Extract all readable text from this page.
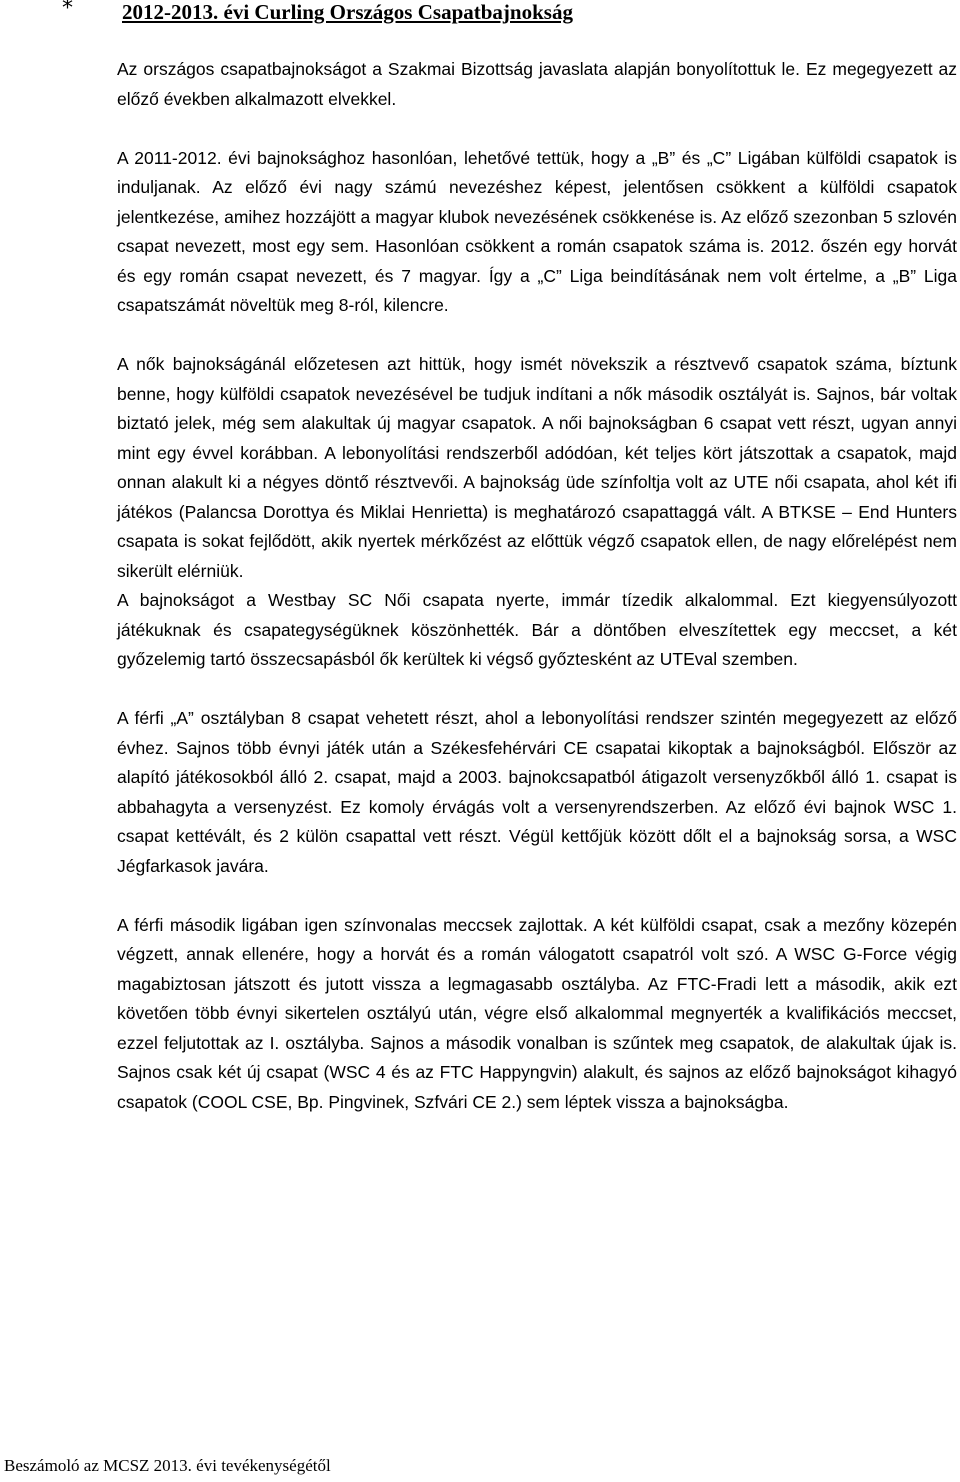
* 2012-2013. évi Curling Országos Csapatbajnokság

Az országos csapatbajnokságot a Szakmai Bizottság javaslata alapján bonyolítottuk le. Ez megegyezett az előző években alkalmazott elvekkel.

A 2011-2012. évi bajnoksághoz hasonlóan, lehetővé tettük, hogy a „B” és „C” Ligában külföldi csapatok is induljanak. Az előző évi nagy számú nevezéshez képest, jelentősen csökkent a külföldi csapatok jelentkezése, amihez hozzájött a magyar klubok nevezésének csökkenése is. Az előző szezonban 5 szlovén csapat nevezett, most egy sem. Hasonlóan csökkent a román csapatok száma is. 2012. őszén egy horvát és egy román csapat nevezett, és 7 magyar. Így a „C” Liga beindításának nem volt értelme, a „B” Liga csapatszámát növeltük meg 8-ról, kilencre.

A nők bajnokságánál előzetesen azt hittük, hogy ismét növekszik a résztvevő csapatok száma, bíztunk benne, hogy külföldi csapatok nevezésével be tudjuk indítani a nők második osztályát is. Sajnos, bár voltak biztató jelek, még sem alakultak új magyar csapatok. A női bajnokságban 6 csapat vett részt, ugyan annyi mint egy évvel korábban. A lebonyolítási rendszerből adódóan, két teljes kört játszottak a csapatok, majd onnan alakult ki a négyes döntő résztvevői. A bajnokság üde színfoltja volt az UTE női csapata, ahol két ifi játékos (Palancsa Dorottya és Miklai Henrietta) is meghatározó csapattaggá vált. A BTKSE – End Hunters csapata is sokat fejlődött, akik nyertek mérkőzést az előttük végző csapatok ellen, de nagy előrelépést nem sikerült elérniük.

A bajnokságot a Westbay SC Női csapata nyerte, immár tízedik alkalommal. Ezt kiegyensúlyozott játékuknak és csapategységüknek köszönhették. Bár a döntőben elveszítettek egy meccset, a két győzelemig tartó összecsapásból ők kerültek ki végső győztesként az UTEval szemben.

A férfi „A” osztályban 8 csapat vehetett részt, ahol a lebonyolítási rendszer szintén megegyezett az előző évhez. Sajnos több évnyi játék után a Székesfehérvári CE csapatai kikoptak a bajnokságból. Először az alapító játékosokból álló 2. csapat, majd a 2003. bajnokcsapatból átigazolt versenyzőkből álló 1. csapat is abbahagyta a versenyzést. Ez komoly érvágás volt a versenyrendszerben. Az előző évi bajnok WSC 1. csapat kettévált, és 2 külön csapattal vett részt. Végül kettőjük között dőlt el a bajnokság sorsa, a WSC Jégfarkasok javára.

A férfi második ligában igen színvonalas meccsek zajlottak. A két külföldi csapat, csak a mezőny közepén végzett, annak ellenére, hogy a horvát és a román válogatott csapatról volt szó. A WSC G-Force végig magabiztosan játszott és jutott vissza a legmagasabb osztályba. Az FTC-Fradi lett a második, akik ezt követően több évnyi sikertelen osztályú után, végre első alkalommal megnyerték a kvalifikációs meccset, ezzel feljutottak az I. osztályba. Sajnos a második vonalban is szűntek meg csapatok, de alakultak újak is. Sajnos csak két új csapat (WSC 4 és az FTC Happyngvin) alakult, és sajnos az előző bajnokságot kihagyó csapatok (COOL CSE, Bp. Pingvinek, Szfvári CE 2.) sem léptek vissza a bajnokságba.

Beszámoló az MCSZ 2013. évi tevékenységétől
